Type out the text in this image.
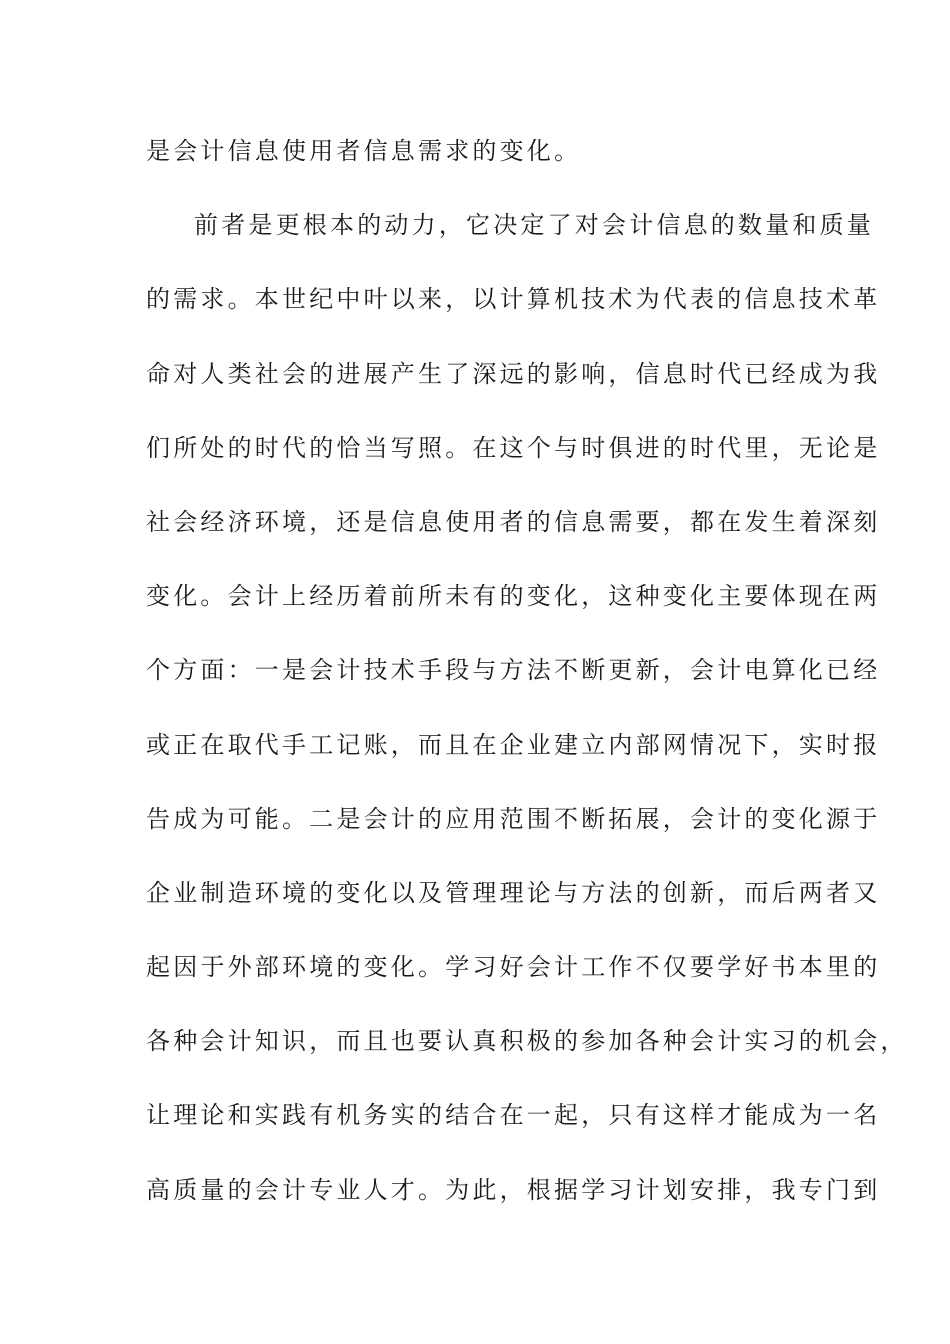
是会计信息使用者信息需求的变化。
前者是更根本的动力，它决定了对会计信息的数量和质量
的需求。本世纪中叶以来，以计算机技术为代表的信息技术革
命对人类社会的进展产生了深远的影响，信息时代已经成为我
们所处的时代的恰当写照。在这个与时俱进的时代里，无论是
社会经济环境，还是信息使用者的信息需要，都在发生着深刻
变化。会计上经历着前所未有的变化，这种变化主要体现在两
个方面：一是会计技术手段与方法不断更新，会计电算化已经
或正在取代手工记账，而且在企业建立内部网情况下，实时报
告成为可能。二是会计的应用范围不断拓展，会计的变化源于
企业制造环境的变化以及管理理论与方法的创新，而后两者又
起因于外部环境的变化。学习好会计工作不仅要学好书本里的
各种会计知识，而且也要认真积极的参加各种会计实习的机会，
让理论和实践有机务实的结合在一起，只有这样才能成为一名
高质量的会计专业人才。为此，根据学习计划安排，我专门到
